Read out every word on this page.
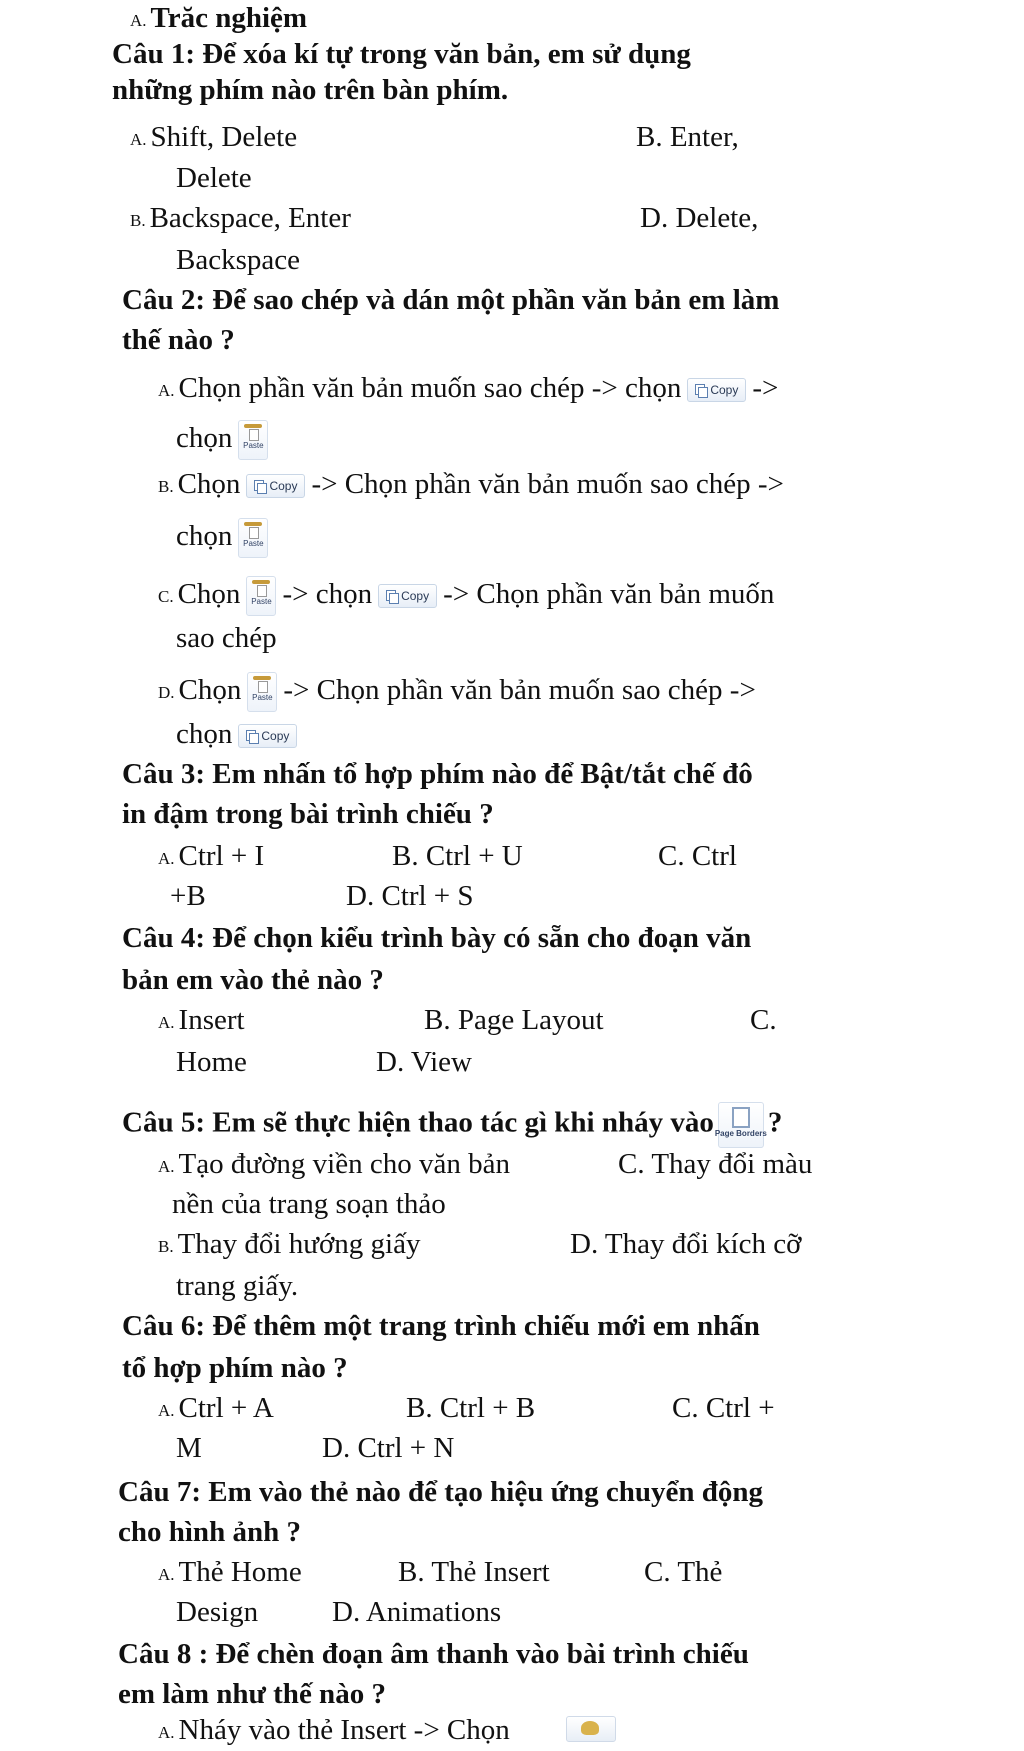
A. Trăc nghiệm
Câu 1: Để xóa kí tự trong văn bản, em sử dụng
những phím nào trên bàn phím.
A. Shift, Delete	B. Enter,
Delete
B. Backspace, Enter	D. Delete,
Backspace
Câu 2: Để sao chép và dán một phần văn bản em làm
thế nào ?
A. Chọn phần văn bản muốn sao chép -> chọn Copy ->
chọn Paste
B. Chọn Copy -> Chọn phần văn bản muốn sao chép ->
chọn Paste
C. Chọn Paste -> chọn Copy -> Chọn phần văn bản muốn
sao chép
D. Chọn Paste -> Chọn phần văn bản muốn sao chép ->
chọn Copy
Câu 3: Em nhấn tổ hợp phím nào để Bật/tắt chế đô
in đậm trong bài trình chiếu ?
A. Ctrl + I	B. Ctrl + U	C. Ctrl
+B	D. Ctrl + S
Câu 4: Để chọn kiểu trình bày có sẵn cho đoạn văn
bản em vào thẻ nào ?
A. Insert	B. Page Layout	C.
Home	D. View
Câu 5: Em sẽ thực hiện thao tác gì khi nháy vào Page Borders ?
A. Tạo đường viền cho văn bản	C. Thay đổi màu
nền của trang soạn thảo
B. Thay đổi hướng giấy	D. Thay đổi kích cỡ
trang giấy.
Câu 6: Để thêm một trang trình chiếu mới em nhấn
tổ hợp phím nào ?
A. Ctrl + A	B. Ctrl + B	C. Ctrl +
M	D. Ctrl + N
Câu 7: Em vào thẻ nào để tạo hiệu ứng chuyển động
cho hình ảnh ?
A. Thẻ Home	B. Thẻ Insert	C. Thẻ
Design	D. Animations
Câu 8 : Để chèn đoạn âm thanh vào bài trình chiếu
em làm như thế nào ?
A. Nháy vào thẻ Insert -> Chọn
